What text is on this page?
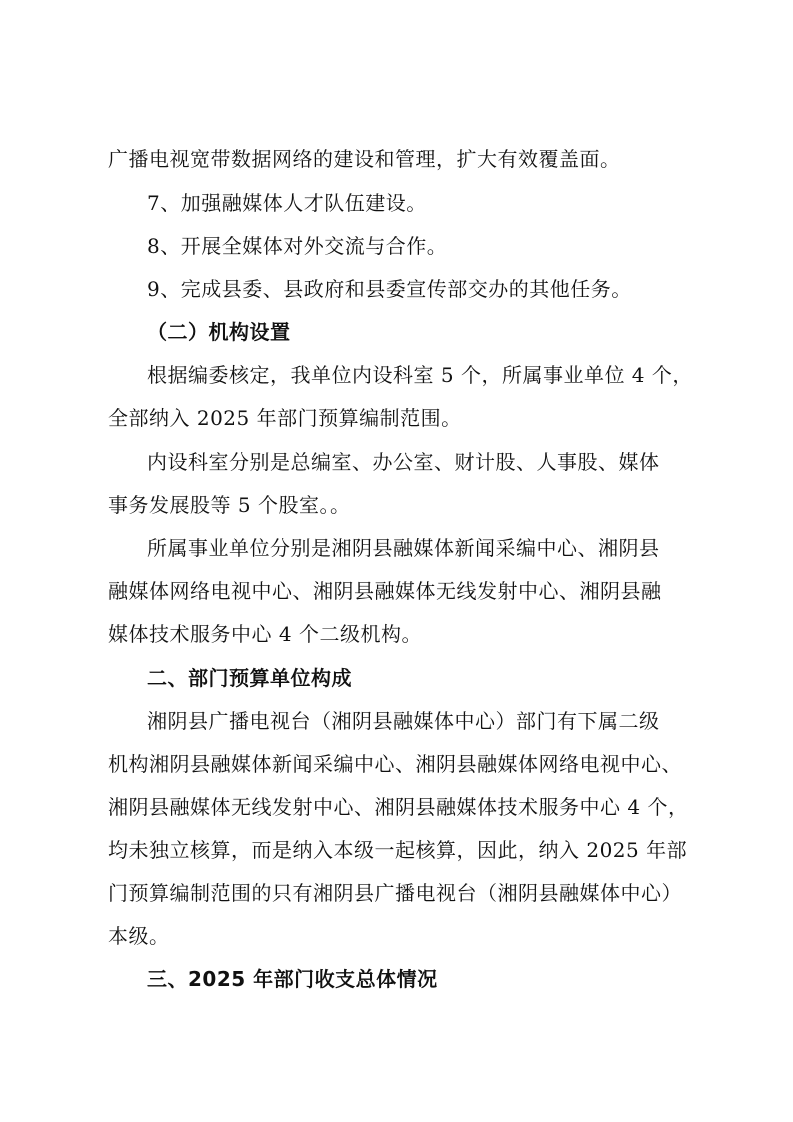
广播电视宽带数据网络的建设和管理，扩大有效覆盖面。

7、加强融媒体人才队伍建设。

8、开展全媒体对外交流与合作。

9、完成县委、县政府和县委宣传部交办的其他任务。

（二）机构设置

根据编委核定，我单位内设科室 5 个，所属事业单位 4 个，

全部纳入 2025 年部门预算编制范围。

内设科室分别是总编室、办公室、财计股、人事股、媒体

事务发展股等 5 个股室。。

所属事业单位分别是湘阴县融媒体新闻采编中心、湘阴县

融媒体网络电视中心、湘阴县融媒体无线发射中心、湘阴县融

媒体技术服务中心 4 个二级机构。

二、部门预算单位构成

湘阴县广播电视台（湘阴县融媒体中心）部门有下属二级

机构湘阴县融媒体新闻采编中心、湘阴县融媒体网络电视中心、

湘阴县融媒体无线发射中心、湘阴县融媒体技术服务中心 4 个，

均未独立核算，而是纳入本级一起核算，因此，纳入 2025 年部

门预算编制范围的只有湘阴县广播电视台（湘阴县融媒体中心）

本级。

三、2025 年部门收支总体情况
